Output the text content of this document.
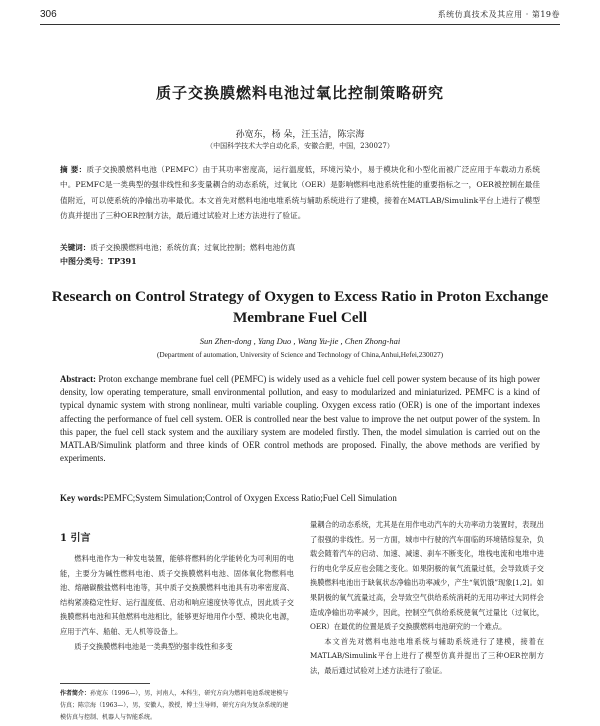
306	系统仿真技术及其应用 · 第19卷
质子交换膜燃料电池过氧比控制策略研究
孙宽东，杨 朵，汪玉洁，陈宗海
（中国科学技术大学自动化系，安徽合肥，中国，230027）
摘 要：质子交换膜燃料电池（PEMFC）由于其功率密度高，运行温度低，环境污染小，易于模块化和小型化而被广泛应用于车载动力系统中。PEMFC是一类典型的强非线性和多变量耦合的动态系统，过氧比（OER）是影响燃料电池系统性能的重要指标之一，OER被控制在最佳值附近，可以使系统的净输出功率最优。本文首先对燃料电池电堆系统与辅助系统进行了建模，接着在MATLAB/Simulink平台上进行了模型仿真并提出了三种OER控制方法，最后通过试验对上述方法进行了验证。
关键词：质子交换膜燃料电池；系统仿真；过氧比控制；燃料电池仿真
中图分类号：TP391
Research on Control Strategy of Oxygen to Excess Ratio in Proton Exchange Membrane Fuel Cell
Sun Zhen-dong , Yang Duo , Wang Yu-jie , Chen Zhong-hai
(Department of automation, University of Science and Technology of China,Anhui,Hefei,230027)
Abstract: Proton exchange membrane fuel cell (PEMFC) is widely used as a vehicle fuel cell power system because of its high power density, low operating temperature, small environmental pollution, and easy to modularized and miniaturized. PEMFC is a kind of typical dynamic system with strong nonlinear, multi variable coupling. Oxygen excess ratio (OER) is one of the important indexes affecting the performance of fuel cell system. OER is controlled near the best value to improve the net output power of the system. In this paper, the fuel cell stack system and the auxiliary system are modeled firstly. Then, the model simulation is carried out on the MATLAB/Simulink platform and three kinds of OER control methods are proposed. Finally, the above methods are verified by experiments.
Key words:PEMFC;System Simulation;Control of Oxygen Excess Ratio;Fuel Cell Simulation
1 引言

燃料电池作为一种发电装置，能够将燃料的化学能转化为可利用的电能，主要分为碱性燃料电池、质子交换膜燃料电池、固体氧化物燃料电池、熔融碳酸盐燃料电池等，其中质子交换膜燃料电池具有功率密度高、结构紧凑稳定性好、运行温度低、启动和响应速度快等优点，因此质子交换膜燃料电池和其他燃料电池相比，能够更好地用作小型、模块化电源，应用于汽车、船舶、无人机等设备上。

质子交换膜燃料电池是一类典型的强非线性和多变

量耦合的动态系统，尤其是在用作电动汽车的大功率动力装置时，表现出了很强的非线性。另一方面，城市中行驶的汽车面临的环境错综复杂，负载会随着汽车的启动、加速、减速、刹车不断变化，堆栈电流和电堆中进行的电化学反应也会随之变化。如果阴极的氧气流量过低，会导致质子交换膜燃料电池出于缺氧状态净输出功率减少，产生“氧饥饿”现象[1,2]。如果阴极的氧气流量过高，会导致空气供给系统消耗的无用功率过大同样会造成净输出功率减少，因此，控制空气供给系统使氧气过量比（过氧比，OER）在最优的位置是质子交换膜燃料电池研究的一个难点。

本文首先对燃料电池电堆系统与辅助系统进行了建模，接着在MATLAB/Simulink平台上进行了模型仿真并提出了三种OER控制方法，最后通过试验对上述方法进行了验证。

作者简介：孙宽东（1996—），男，河南人，本科生，研究方向为燃料电池系统建模与仿真；陈宗海（1963—），男，安徽人，教授，博士生导师，研究方向为复杂系统的建模仿真与控制、机器人与智能系统。
